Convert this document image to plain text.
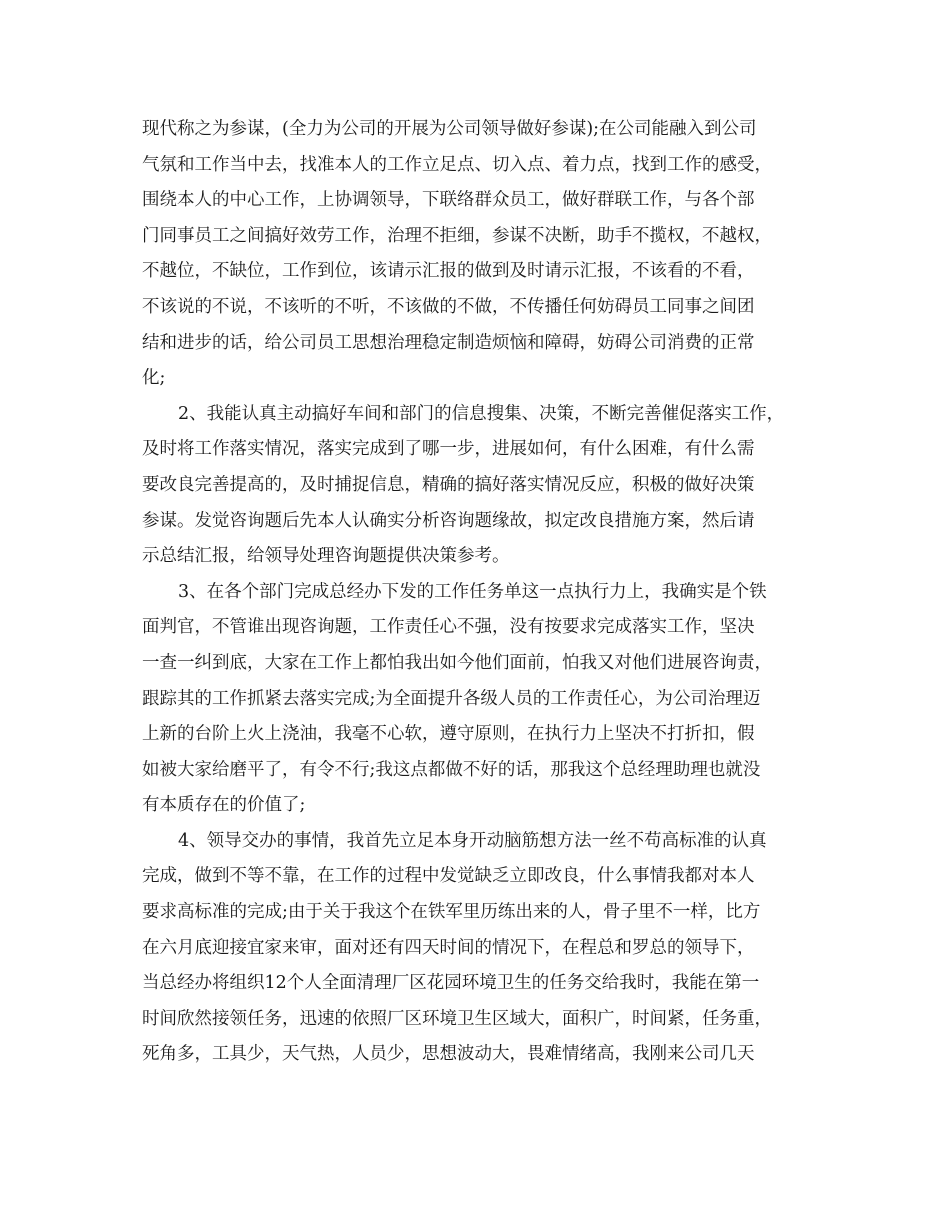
现代称之为参谋，(全力为公司的开展为公司领导做好参谋);在公司能融入到公司

气氛和工作当中去，找准本人的工作立足点、切入点、着力点，找到工作的感受，

围绕本人的中心工作，上协调领导，下联络群众员工，做好群联工作，与各个部

门同事员工之间搞好效劳工作，治理不拒细，参谋不决断，助手不揽权，不越权，

不越位，不缺位，工作到位，该请示汇报的做到及时请示汇报，不该看的不看，

不该说的不说，不该听的不听，不该做的不做，不传播任何妨碍员工同事之间团

结和进步的话，给公司员工思想治理稳定制造烦恼和障碍，妨碍公司消费的正常

化;

2、我能认真主动搞好车间和部门的信息搜集、决策，不断完善催促落实工作，

及时将工作落实情况，落实完成到了哪一步，进展如何，有什么困难，有什么需

要改良完善提高的，及时捕捉信息，精确的搞好落实情况反应，积极的做好决策

参谋。发觉咨询题后先本人认确实分析咨询题缘故，拟定改良措施方案，然后请

示总结汇报，给领导处理咨询题提供决策参考。

3、在各个部门完成总经办下发的工作任务单这一点执行力上，我确实是个铁

面判官，不管谁出现咨询题，工作责任心不强，没有按要求完成落实工作，坚决

一查一纠到底，大家在工作上都怕我出如今他们面前，怕我又对他们进展咨询责，

跟踪其的工作抓紧去落实完成;为全面提升各级人员的工作责任心，为公司治理迈

上新的台阶上火上浇油，我毫不心软，遵守原则，在执行力上坚决不打折扣，假

如被大家给磨平了，有令不行;我这点都做不好的话，那我这个总经理助理也就没

有本质存在的价值了;

4、领导交办的事情，我首先立足本身开动脑筋想方法一丝不苟高标准的认真

完成，做到不等不靠，在工作的过程中发觉缺乏立即改良，什么事情我都对本人

要求高标准的完成;由于关于我这个在铁军里历练出来的人，骨子里不一样，比方

在六月底迎接宜家来审，面对还有四天时间的情况下，在程总和罗总的领导下，

当总经办将组织12个人全面清理厂区花园环境卫生的任务交给我时，我能在第一

时间欣然接领任务，迅速的依照厂区环境卫生区域大，面积广，时间紧，任务重，

死角多，工具少，天气热，人员少，思想波动大，畏难情绪高，我刚来公司几天
